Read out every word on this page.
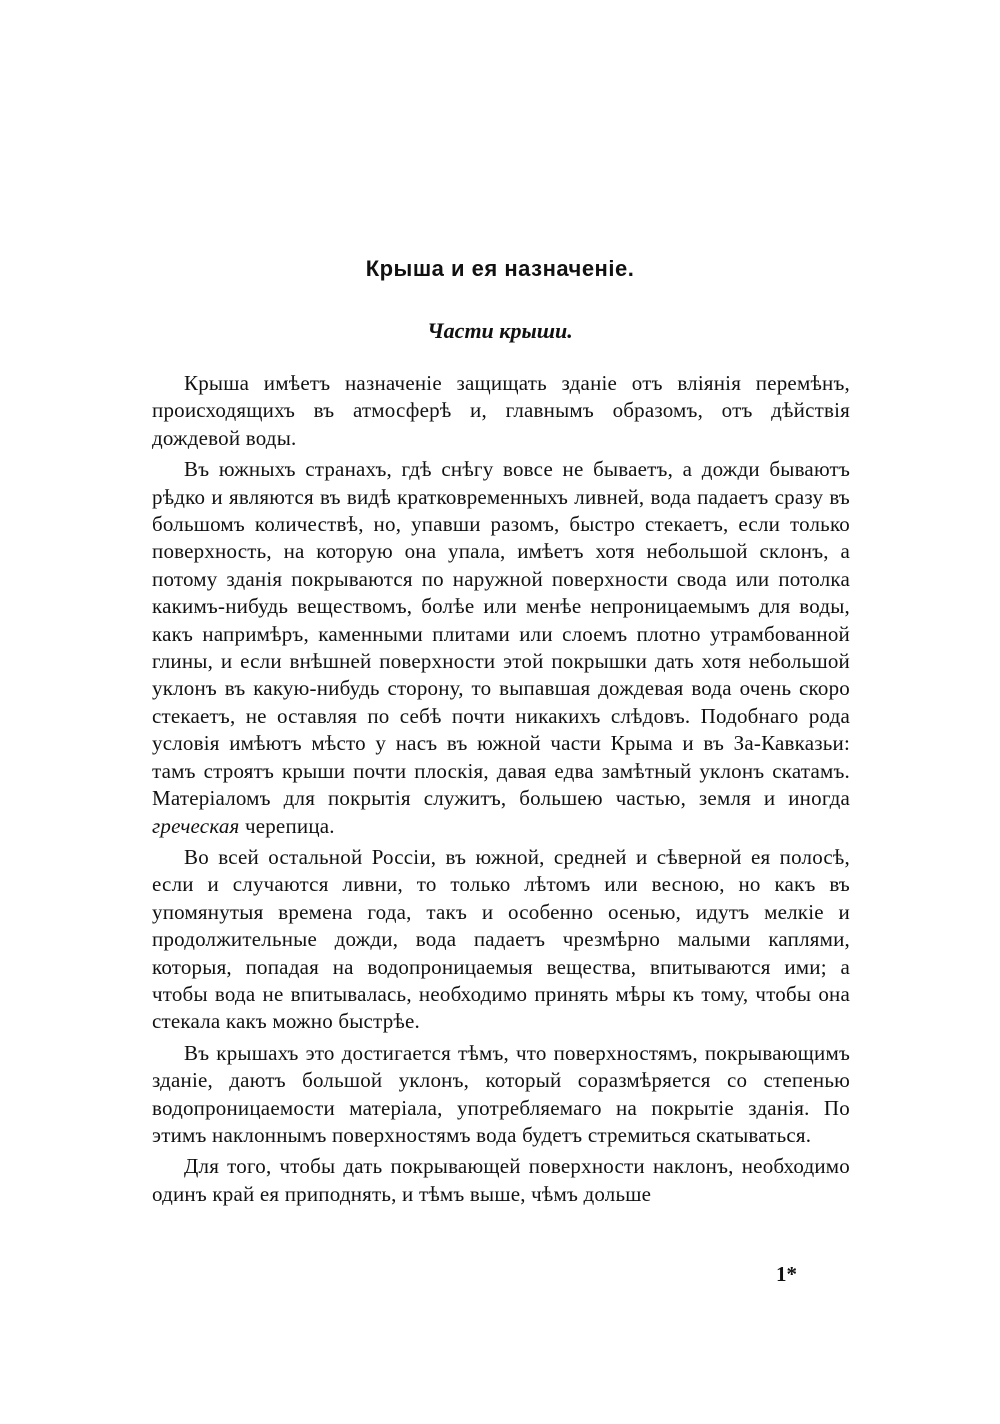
Крыша и ея назначенiе.
Части крыши.

Крыша имѣетъ назначенiе защищать зданiе отъ влiянiя перемѣнъ, происходящихъ въ атмосферѣ и, главнымъ образомъ, отъ дѣйствiя дождевой воды.

Въ южныхъ странахъ, гдѣ снѣгу вовсе не бываетъ, а дожди бываютъ рѣдко и являются въ видѣ кратковременныхъ ливней, вода падаетъ сразу въ большомъ количествѣ, но, упавши разомъ, быстро стекаетъ, если только поверхность, на которую она упала, имѣетъ хотя небольшой склонъ, а потому зданiя покрываются по наружной поверхности свода или потолка какимъ-нибудь веществомъ, болѣе или менѣе непроницаемымъ для воды, какъ напримѣръ, каменными плитами или слоемъ плотно утрамбованной глины, и если внѣшней поверхности этой покрышки дать хотя небольшой уклонъ въ какую-нибудь сторону, то выпавшая дождевая вода очень скоро стекаетъ, не оставляя по себѣ почти никакихъ слѣдовъ. Подобнаго рода условiя имѣютъ мѣсто у насъ въ южной части Крыма и въ За-Кавказьи: тамъ строятъ крыши почти плоскiя, давая едва замѣтный уклонъ скатамъ. Матерiаломъ для покрытiя служитъ, большею частью, земля и иногда греческая черепица.

Во всей остальной Россiи, въ южной, средней и сѣверной ея полосѣ, если и случаются ливни, то только лѣтомъ или весною, но какъ въ упомянутыя времена года, такъ и особенно осенью, идутъ мелкiе и продолжительные дожди, вода падаетъ чрезмѣрно малыми каплями, которыя, попадая на водопроницаемыя вещества, впитываются ими; а чтобы вода не впитывалась, необходимо принять мѣры къ тому, чтобы она стекала какъ можно быстрѣе.

Въ крышахъ это достигается тѣмъ, что поверхностямъ, покрывающимъ зданiе, даютъ большой уклонъ, который соразмѣряется со степенью водопроницаемости матерiала, употребляемаго на покрытiе зданiя. По этимъ наклоннымъ поверхностямъ вода будетъ стремиться скатываться.

Для того, чтобы дать покрывающей поверхности наклонъ, необходимо одинъ край ея приподнять, и тѣмъ выше, чѣмъ дольше

1*
